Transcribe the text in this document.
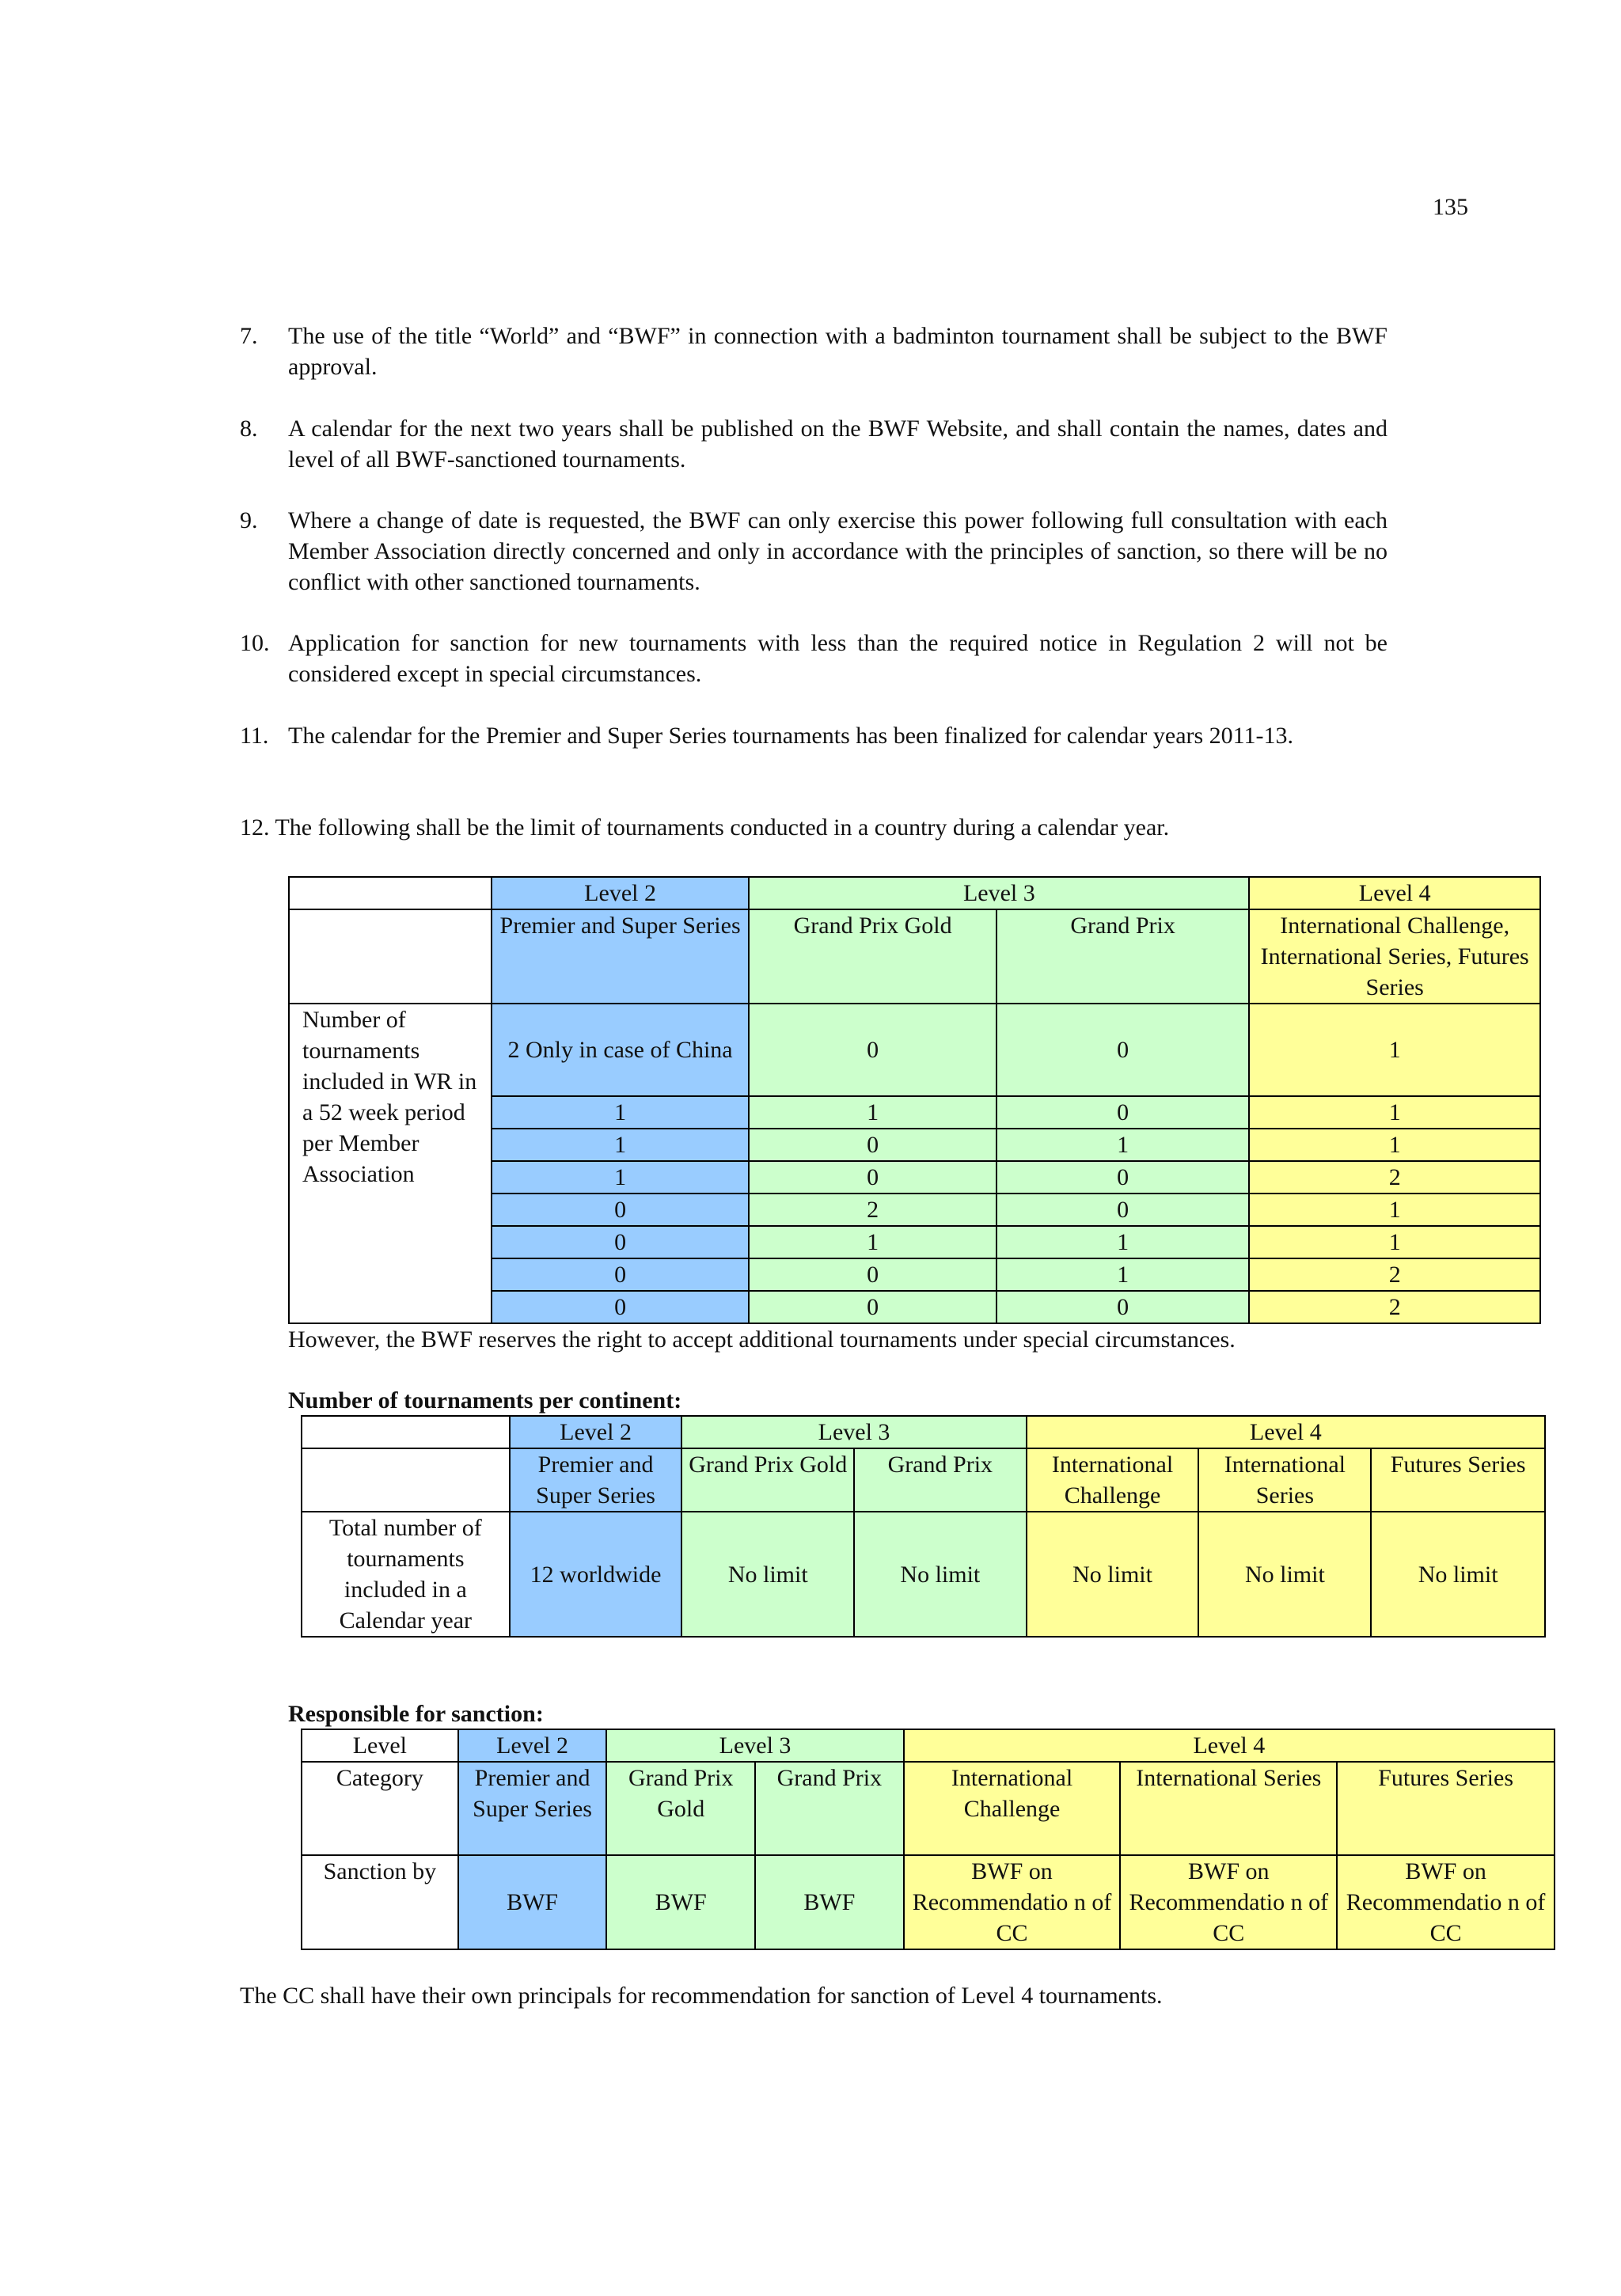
135
7. The use of the title “World” and “BWF” in connection with a badminton tournament shall be subject to the BWF approval.
8. A calendar for the next two years shall be published on the BWF Website, and shall contain the names, dates and level of all BWF-sanctioned tournaments.
9. Where a change of date is requested, the BWF can only exercise this power following full consultation with each Member Association directly concerned and only in accordance with the principles of sanction, so there will be no conflict with other sanctioned tournaments.
10. Application for sanction for new tournaments with less than the required notice in Regulation 2 will not be considered except in special circumstances.
11. The calendar for the Premier and Super Series tournaments has been finalized for calendar years 2011-13.
12. The following shall be the limit of tournaments conducted in a country during a calendar year.
	Level 2	Level 3		Level 4
	Premier and Super Series	Grand Prix Gold	Grand Prix	International Challenge, International Series, Futures Series
Number of tournaments included in WR in a 52 week period per Member Association	2 Only in case of China	0	0	1
	1	1	0	1
	1	0	1	1
	1	0	0	2
	0	2	0	1
	0	1	1	1
	0	0	1	2
	0	0	0	2
However, the BWF reserves the right to accept additional tournaments under special circumstances.
Number of tournaments per continent:
	Level 2	Level 3		Level 4		
	Premier and Super Series	Grand Prix Gold	Grand Prix	International Challenge	International Series	Futures Series
Total number of tournaments included in a Calendar year	12 worldwide	No limit	No limit	No limit	No limit	No limit
Responsible for sanction:
Level	Level 2	Level 3		Level 4		
Category	Premier and Super Series	Grand Prix Gold	Grand Prix	International Challenge	International Series	Futures Series
Sanction by	BWF	BWF	BWF	BWF on Recommendatio n of CC	BWF on Recommendatio n of CC	BWF on Recommendatio n of CC
The CC shall have their own principals for recommendation for sanction of Level 4 tournaments.
